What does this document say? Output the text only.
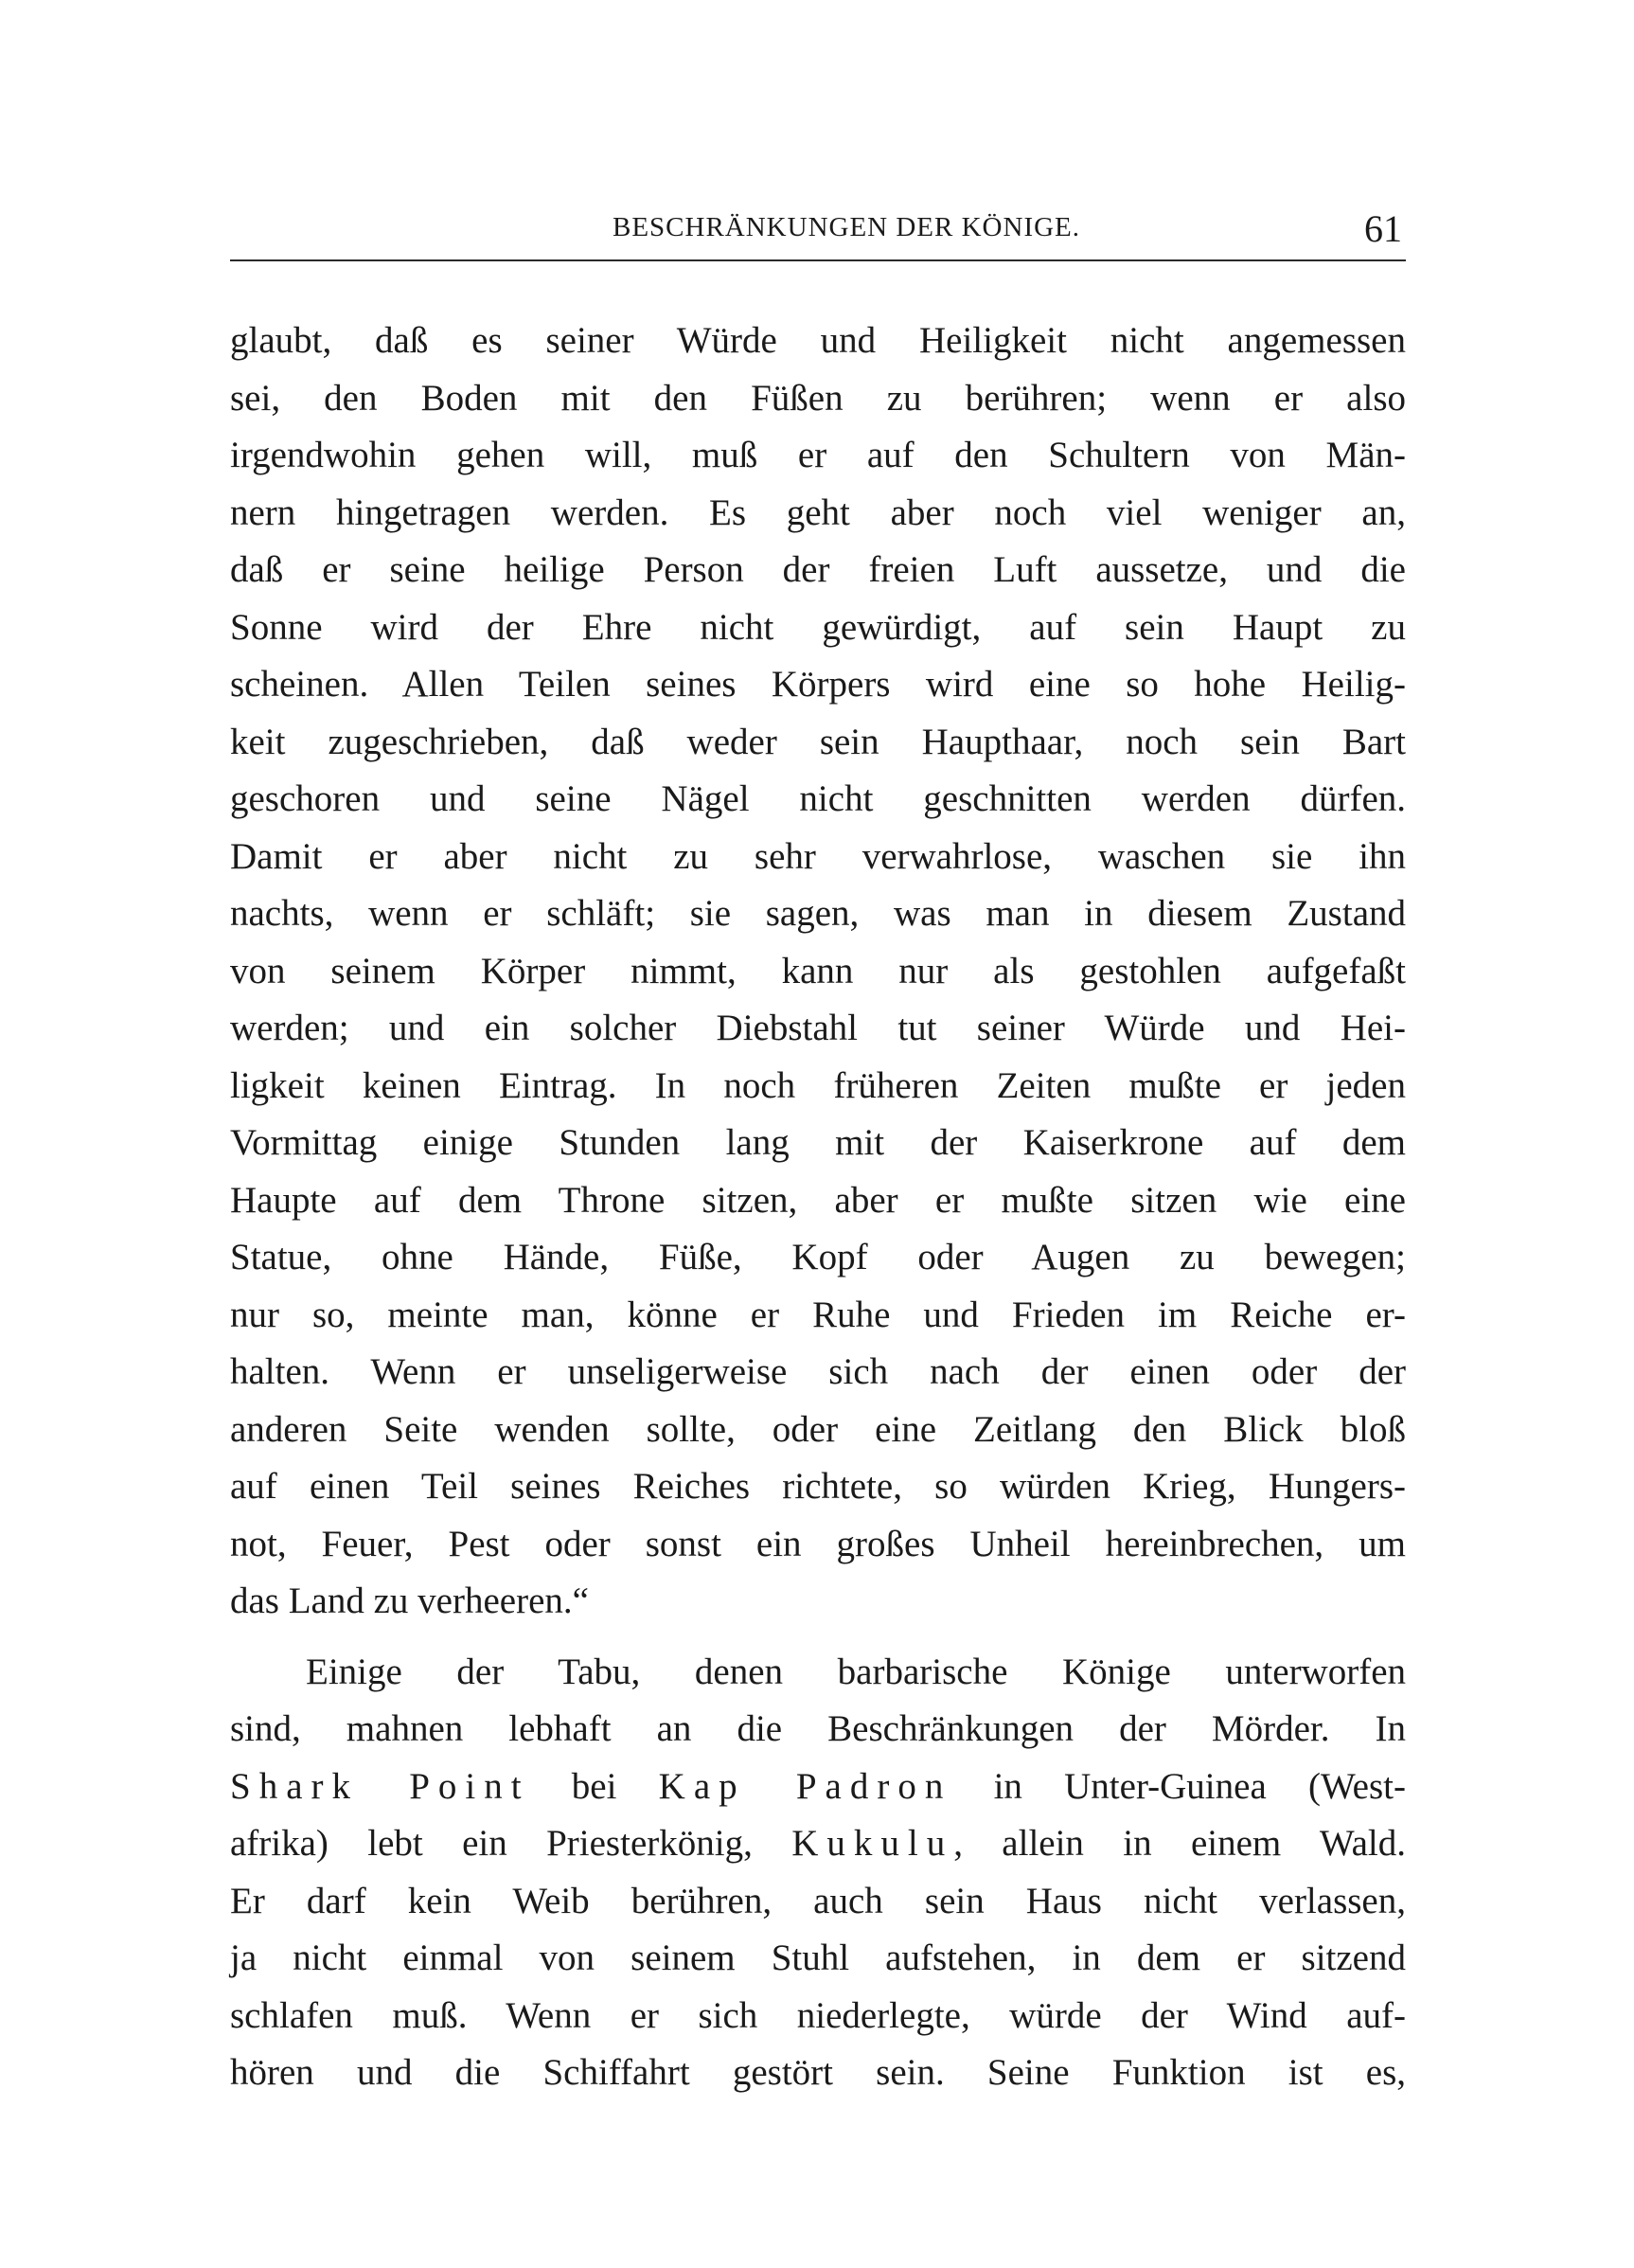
BESCHRÄNKUNGEN DER KÖNIGE.	61
glaubt, daß es seiner Würde und Heiligkeit nicht angemessen
sei, den Boden mit den Füßen zu berühren; wenn er also
irgendwohin gehen will, muß er auf den Schultern von Män-
nern hingetragen werden. Es geht aber noch viel weniger an,
daß er seine heilige Person der freien Luft aussetze, und die
Sonne wird der Ehre nicht gewürdigt, auf sein Haupt zu
scheinen. Allen Teilen seines Körpers wird eine so hohe Heilig-
keit zugeschrieben, daß weder sein Haupthaar, noch sein Bart
geschoren und seine Nägel nicht geschnitten werden dürfen.
Damit er aber nicht zu sehr verwahrlose, waschen sie ihn
nachts, wenn er schläft; sie sagen, was man in diesem Zustand
von seinem Körper nimmt, kann nur als gestohlen aufgefaßt
werden; und ein solcher Diebstahl tut seiner Würde und Hei-
ligkeit keinen Eintrag. In noch früheren Zeiten mußte er jeden
Vormittag einige Stunden lang mit der Kaiserkrone auf dem
Haupte auf dem Throne sitzen, aber er mußte sitzen wie eine
Statue, ohne Hände, Füße, Kopf oder Augen zu bewegen;
nur so, meinte man, könne er Ruhe und Frieden im Reiche er-
halten. Wenn er unseligerweise sich nach der einen oder der
anderen Seite wenden sollte, oder eine Zeitlang den Blick bloß
auf einen Teil seines Reiches richtete, so würden Krieg, Hungers-
not, Feuer, Pest oder sonst ein großes Unheil hereinbrechen, um
das Land zu verheeren.“
Einige der Tabu, denen barbarische Könige unterworfen
sind, mahnen lebhaft an die Beschränkungen der Mörder. In
Shark Point bei Kap Padron in Unter-Guinea (West-
afrika) lebt ein Priesterkönig, Kukulu, allein in einem Wald.
Er darf kein Weib berühren, auch sein Haus nicht verlassen,
ja nicht einmal von seinem Stuhl aufstehen, in dem er sitzend
schlafen muß. Wenn er sich niederlegte, würde der Wind auf-
hören und die Schiffahrt gestört sein. Seine Funktion ist es,
